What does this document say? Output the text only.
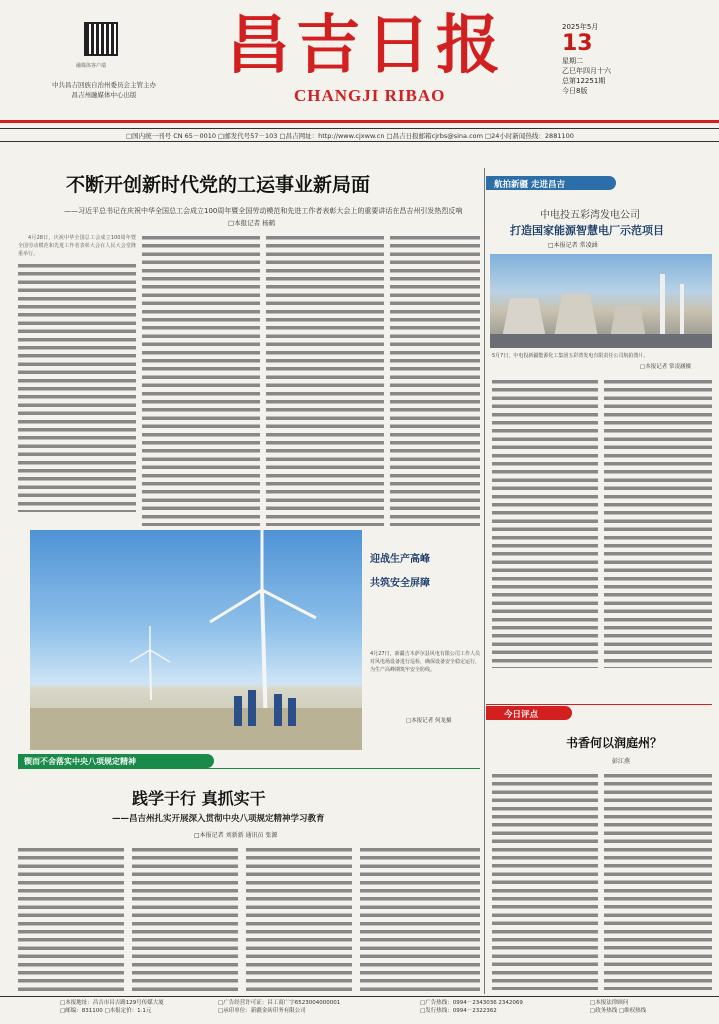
融媒体客户端
中共昌吉回族自治州委员会主管主办
昌吉州融媒体中心出版
昌吉日报
CHANGJI RIBAO
2025年5月
13
星期二
乙巳年四月十六
总第12251期
今日8版
□国内统一刊号 CN 65－0010 □邮发代号57－103 □昌吉网址：http://www.cjxww.cn □昌吉日报邮箱cjrbs@sina.com □24小时新闻热线：2881100
不断开创新时代党的工运事业新局面
——习近平总书记在庆祝中华全国总工会成立100周年暨全国劳动模范和先进工作者表彰大会上的重要讲话在昌吉州引发热烈反响
□本报记者 杨鹤

4月28日，庆祝中华全国总工会成立100周年暨全国劳动模范和先进工作者表彰大会在人民大会堂隆重举行。

迎战生产高峰
共筑安全屏障
4月27日，新疆吉木萨尔县风电有限公司工作人员对风电场设备进行巡检，确保设备安全稳定运行，为生产高峰期筑牢安全防线。
□本报记者 何龙摄
航拍新疆 走进昌吉
中电投五彩湾发电公司
打造国家能源智慧电厂示范项目
□本报记者 常凌涵
5月7日，中电投新疆能源化工集团五彩湾发电有限责任公司航拍图片。
□本报记者 常凌涵摄
今日评点
书香何以润庭州？
彭江燕
锲而不舍落实中央八项规定精神
践学于行 真抓实干
——昌吉州扎实开展深入贯彻中央八项规定精神学习教育
□本报记者 刘新新 通讯员 张源
□本报地址：昌吉市昌吉路129号传媒大厦
□邮编：831100 □本报定价：1.1元
□广告经营许可证：昌工商广字6523004000001
□承印单位：新疆金砖印务有限公司
□广告热线：0994－2343036 2342069
□发行热线：0994－2322362
□本报法律顾问
□政务热线 □维权热线
